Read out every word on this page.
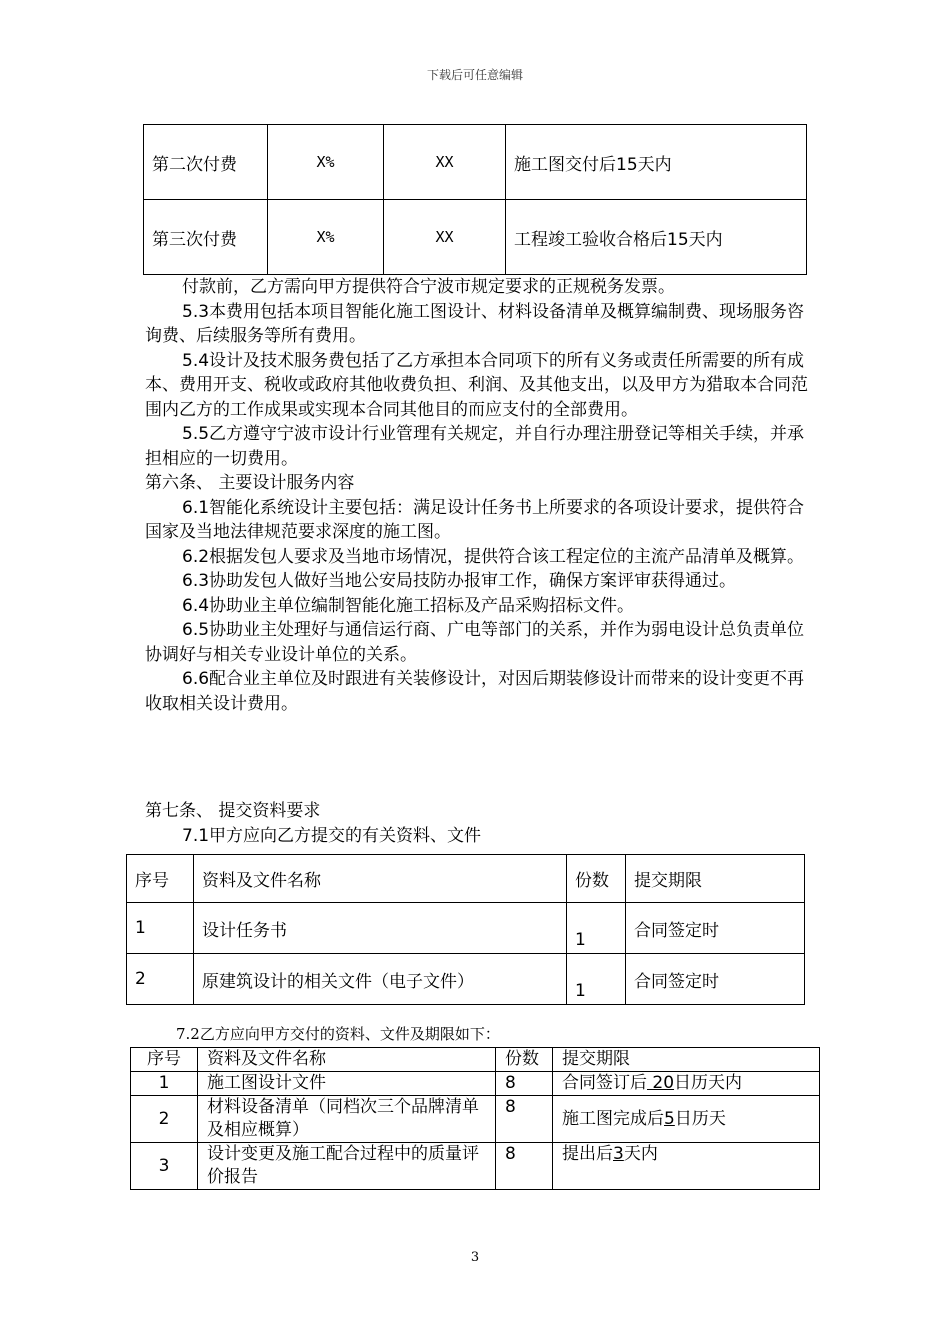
下载后可任意编辑
第二次付费	X%	XX	施工图交付后15天内
第三次付费	X%	XX	工程竣工验收合格后15天内

付款前，乙方需向甲方提供符合宁波市规定要求的正规税务发票。

5.3本费用包括本项目智能化施工图设计、材料设备清单及概算编制费、现场服务咨询费、后续服务等所有费用。

5.4设计及技术服务费包括了乙方承担本合同项下的所有义务或责任所需要的所有成本、费用开支、税收或政府其他收费负担、利润、及其他支出，以及甲方为猎取本合同范围内乙方的工作成果或实现本合同其他目的而应支付的全部费用。

5.5乙方遵守宁波市设计行业管理有关规定，并自行办理注册登记等相关手续，并承担相应的一切费用。

第六条、 主要设计服务内容

6.1智能化系统设计主要包括：满足设计任务书上所要求的各项设计要求，提供符合国家及当地法律规范要求深度的施工图。

6.2根据发包人要求及当地市场情况，提供符合该工程定位的主流产品清单及概算。

6.3协助发包人做好当地公安局技防办报审工作，确保方案评审获得通过。

6.4协助业主单位编制智能化施工招标及产品采购招标文件。

6.5协助业主处理好与通信运行商、广电等部门的关系，并作为弱电设计总负责单位协调好与相关专业设计单位的关系。

6.6配合业主单位及时跟进有关装修设计，对因后期装修设计而带来的设计变更不再收取相关设计费用。

第七条、 提交资料要求

7.1甲方应向乙方提交的有关资料、文件

序号	资料及文件名称	份数	提交期限
1	设计任务书	1	合同签定时
2	原建筑设计的相关文件（电子文件）	1	合同签定时
7.2乙方应向甲方交付的资料、文件及期限如下：
序号	资料及文件名称	份数	提交期限
1	施工图设计文件	8	合同签订后 20日历天内
2	材料设备清单（同档次三个品牌清单及相应概算）	8	施工图完成后5日历天
3	设计变更及施工配合过程中的质量评价报告	8	提出后3天内
3
